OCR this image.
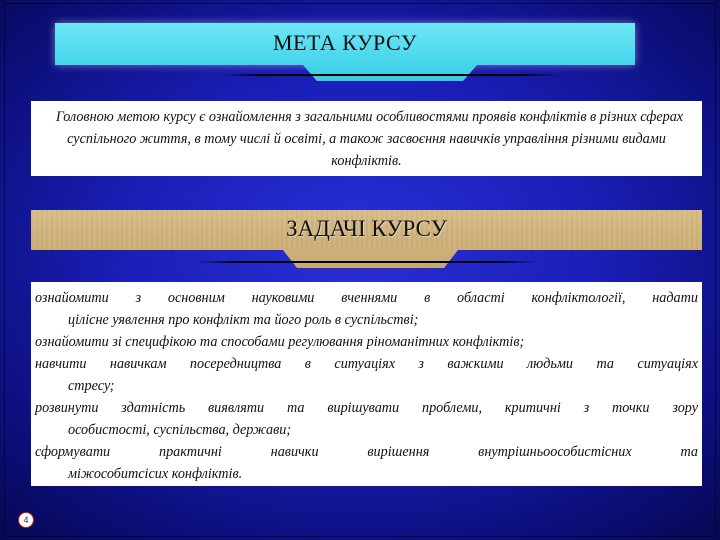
МЕТА КУРСУ
Головною метою курсу є ознайомлення з загальними особливостями проявів конфліктів в різних сферах суспільного життя, в тому числі й освіті, а також засвоєння навичків управління різними видами конфліктів.
ЗАДАЧІ КУРСУ
ознайомити з основним науковими вченнями в області конфліктології, надати
цілісне уявлення про конфлікт та його роль в суспільстві;
ознайомити зі специфікою та способами регулювання ріноманітних конфліктів;
навчити навичкам посередництва в ситуаціях з важкими людьми та ситуаціях
стресу;
розвинути здатність виявляти та вирішувати проблеми, критичні з точки зору
особистості, суспільства, держави;
сформувати практичні навички вирішення внутрішньоособистісних та
міжособитсісих конфліктів.
4
